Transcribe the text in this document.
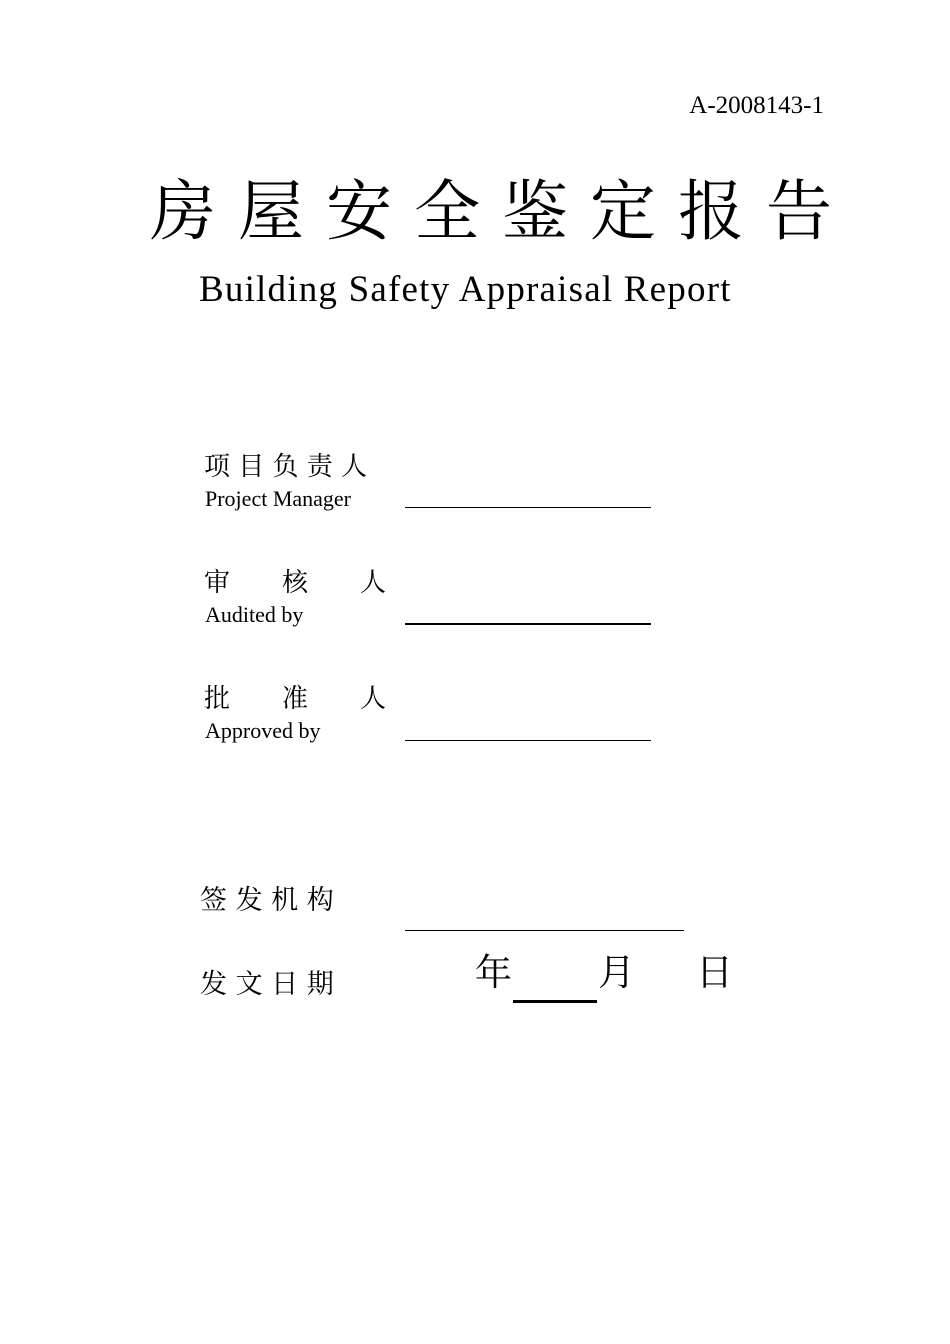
A-2008143-1
房屋安全鉴定报告
Building Safety Appraisal Report
项 目 负 责 人
Project Manager
审　　核　　人
Audited by
批　　准　　人
Approved by
签 发 机 构
发 文 日 期	年 月 日
